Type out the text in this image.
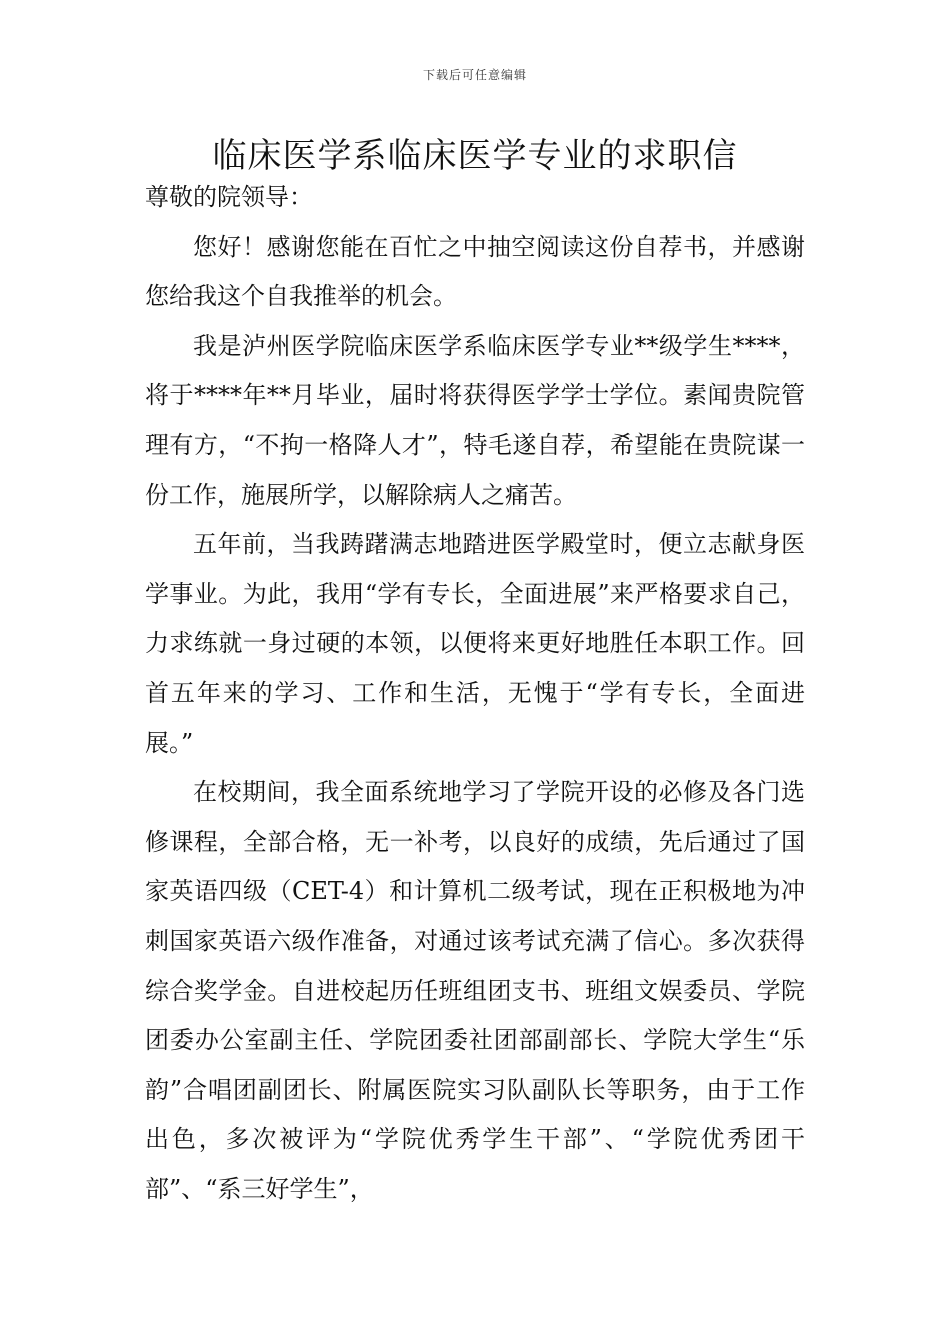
下载后可任意编辑
临床医学系临床医学专业的求职信

尊敬的院领导：

您好！感谢您能在百忙之中抽空阅读这份自荐书，并感谢您给我这个自我推举的机会。

我是泸州医学院临床医学系临床医学专业**级学生****，将于****年**月毕业，届时将获得医学学士学位。素闻贵院管理有方，“不拘一格降人才”，特毛遂自荐，希望能在贵院谋一份工作，施展所学，以解除病人之痛苦。

五年前，当我踌躇满志地踏进医学殿堂时，便立志献身医学事业。为此，我用“学有专长，全面进展”来严格要求自己，力求练就一身过硬的本领，以便将来更好地胜任本职工作。回首五年来的学习、工作和生活，无愧于“学有专长，全面进展。”

在校期间，我全面系统地学习了学院开设的必修及各门选修课程，全部合格，无一补考，以良好的成绩，先后通过了国家英语四级（CET-4）和计算机二级考试，现在正积极地为冲刺国家英语六级作准备，对通过该考试充满了信心。多次获得综合奖学金。自进校起历任班组团支书、班组文娱委员、学院团委办公室副主任、学院团委社团部副部长、学院大学生“乐韵”合唱团副团长、附属医院实习队副队长等职务，由于工作出色，多次被评为“学院优秀学生干部”、“学院优秀团干部”、“系三好学生”，
